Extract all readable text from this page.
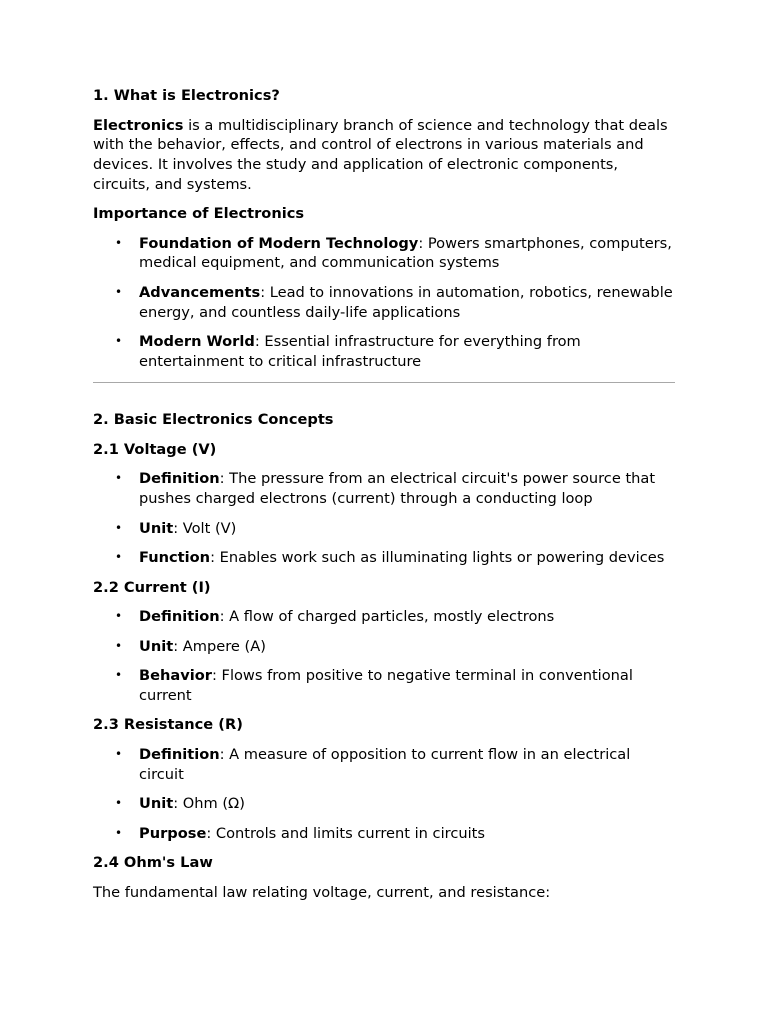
1. What is Electronics?

Electronics is a multidisciplinary branch of science and technology that deals with the behavior, effects, and control of electrons in various materials and devices. It involves the study and application of electronic components, circuits, and systems.

Importance of Electronics
• Foundation of Modern Technology: Powers smartphones, computers, medical equipment, and communication systems
• Advancements: Lead to innovations in automation, robotics, renewable energy, and countless daily-life applications
• Modern World: Essential infrastructure for everything from entertainment to critical infrastructure
2. Basic Electronics Concepts
2.1 Voltage (V)
• Definition: The pressure from an electrical circuit's power source that pushes charged electrons (current) through a conducting loop
• Unit: Volt (V)
• Function: Enables work such as illuminating lights or powering devices
2.2 Current (I)
• Definition: A flow of charged particles, mostly electrons
• Unit: Ampere (A)
• Behavior: Flows from positive to negative terminal in conventional current
2.3 Resistance (R)
• Definition: A measure of opposition to current flow in an electrical circuit
• Unit: Ohm (Ω)
• Purpose: Controls and limits current in circuits
2.4 Ohm's Law

The fundamental law relating voltage, current, and resistance:
